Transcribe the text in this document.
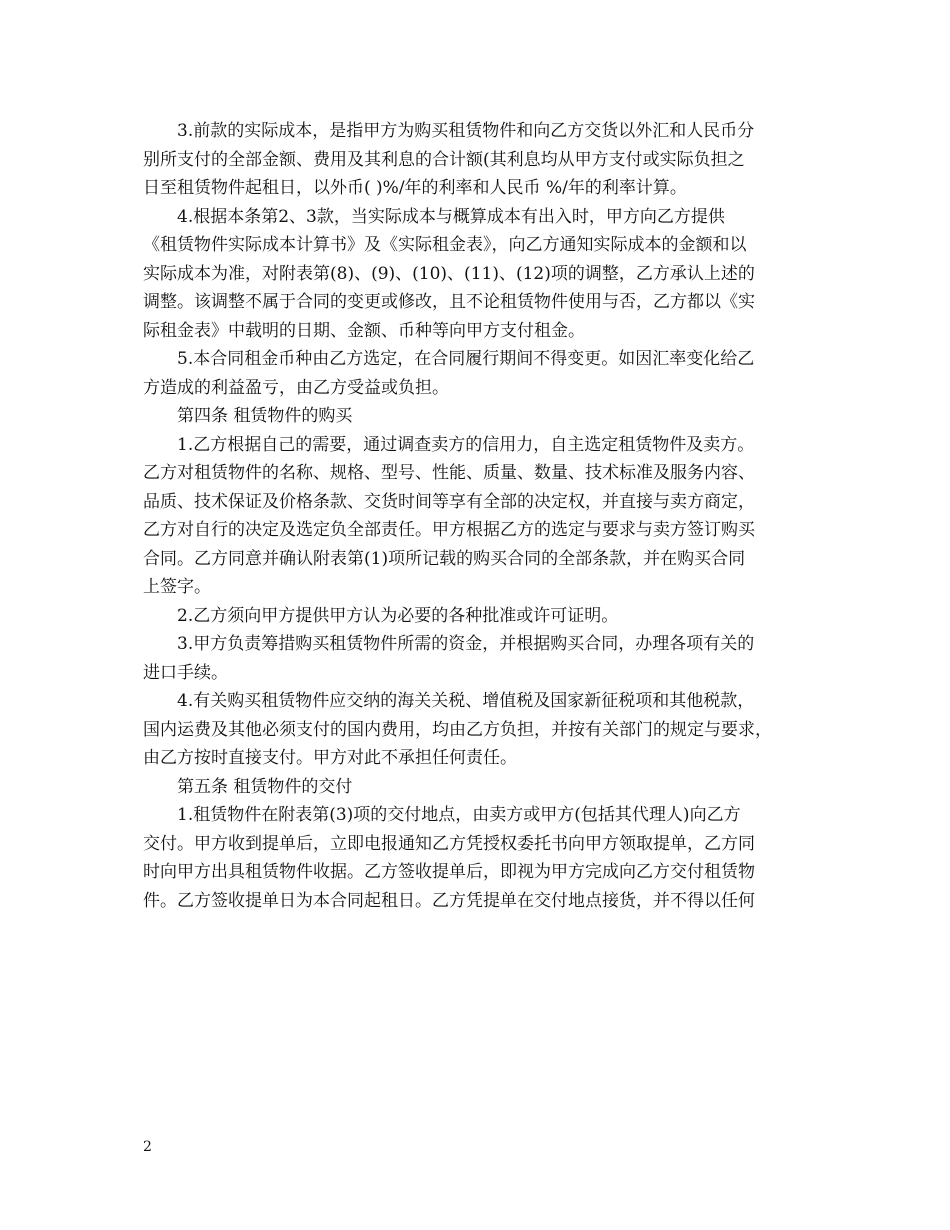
3.前款的实际成本，是指甲方为购买租赁物件和向乙方交货以外汇和人民币分
别所支付的全部金额、费用及其利息的合计额(其利息均从甲方支付或实际负担之
日至租赁物件起租日，以外币( )%/年的利率和人民币 %/年的利率计算。
4.根据本条第2、3款，当实际成本与概算成本有出入时，甲方向乙方提供
《租赁物件实际成本计算书》及《实际租金表》，向乙方通知实际成本的金额和以
实际成本为准，对附表第(8)、(9)、(10)、(11)、(12)项的调整，乙方承认上述的
调整。该调整不属于合同的变更或修改，且不论租赁物件使用与否，乙方都以《实
际租金表》中载明的日期、金额、币种等向甲方支付租金。
5.本合同租金币种由乙方选定，在合同履行期间不得变更。如因汇率变化给乙
方造成的利益盈亏，由乙方受益或负担。
第四条 租赁物件的购买
1.乙方根据自己的需要，通过调查卖方的信用力，自主选定租赁物件及卖方。
乙方对租赁物件的名称、规格、型号、性能、质量、数量、技术标准及服务内容、
品质、技术保证及价格条款、交货时间等享有全部的决定权，并直接与卖方商定，
乙方对自行的决定及选定负全部责任。甲方根据乙方的选定与要求与卖方签订购买
合同。乙方同意并确认附表第(1)项所记载的购买合同的全部条款，并在购买合同
上签字。
2.乙方须向甲方提供甲方认为必要的各种批准或许可证明。
3.甲方负责筹措购买租赁物件所需的资金，并根据购买合同，办理各项有关的
进口手续。
4.有关购买租赁物件应交纳的海关关税、增值税及国家新征税项和其他税款，
国内运费及其他必须支付的国内费用，均由乙方负担，并按有关部门的规定与要求，
由乙方按时直接支付。甲方对此不承担任何责任。
第五条 租赁物件的交付
1.租赁物件在附表第(3)项的交付地点，由卖方或甲方(包括其代理人)向乙方
交付。甲方收到提单后，立即电报通知乙方凭授权委托书向甲方领取提单，乙方同
时向甲方出具租赁物件收据。乙方签收提单后，即视为甲方完成向乙方交付租赁物
件。乙方签收提单日为本合同起租日。乙方凭提单在交付地点接货，并不得以任何
2
